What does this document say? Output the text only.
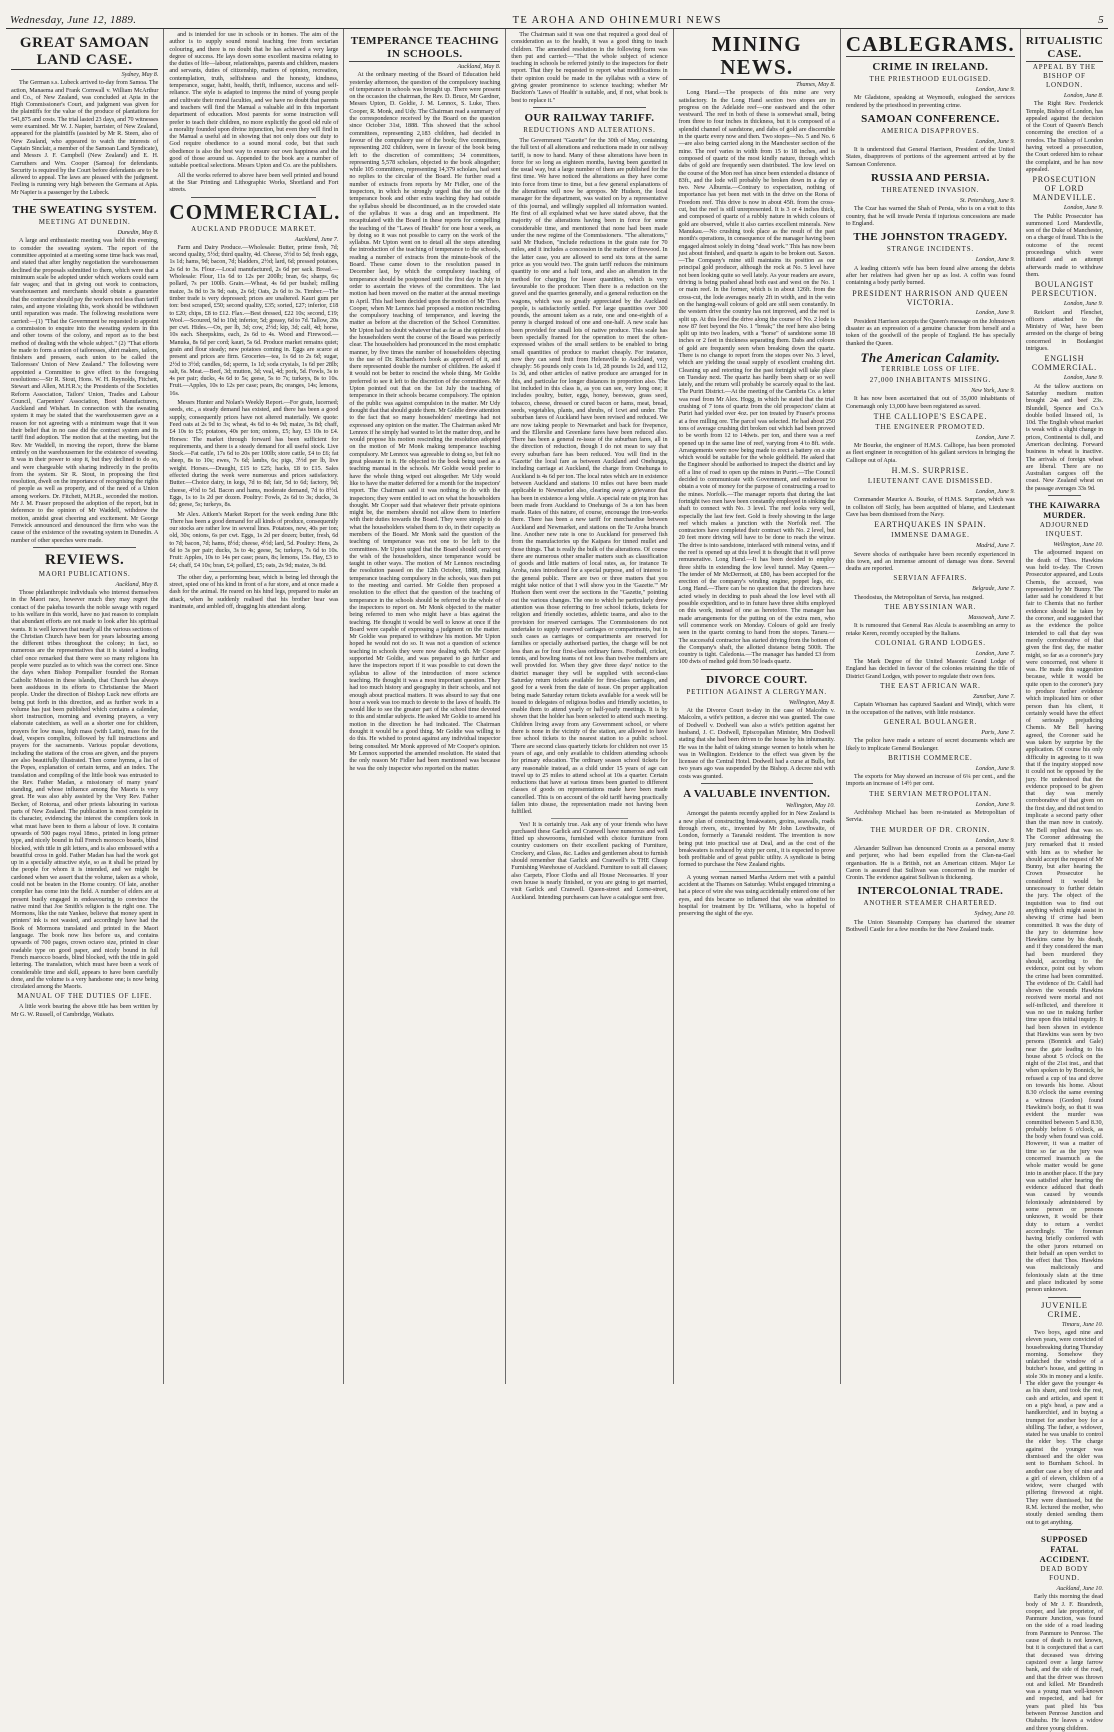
Wednesday, June 12, 1889.	TE AROHA AND OHINEMURI NEWS	5
GREAT SAMOAN LAND CASE.

Sydney, May 8.

The German s.s. Lubeck arrived to-day from Samoa. The action, Manaema and Frank Cornwall v. William McArthur and Co., of New Zealand, was concluded at Apia in the High Commissioner's Court, and judgment was given for the plaintiffs for the value of the produce of plantations for 541,875 and costs. The trial lasted 23 days, and 70 witnesses were examined. Mr W. J. Napier, barrister, of New Zealand, appeared for the plaintiffs (assisted by Mr R. Steen, also of New Zealand, who appeared to watch the interests of Captain Sinclair, a member of the Samoan Land Syndicate), and Messrs J. F. Campbell (New Zealand) and E. H. Carruthers and Wm. Cooper (Samoa) for defendants. Security is required by the Court before defendants are to be allowed to appeal. The laws are pleased with the judgment. Feeling is running very high between the Germans at Apia. Mr Napier is a passenger by the Lubeck.

THE SWEATING SYSTEM.
MEETING AT DUNEDIN.

Dunedin, May 8.

A large and enthusiastic meeting was held this evening, to consider the sweating system. The report of the committee appointed at a meeting some time back was read, and stated that after lengthy negotiation the warehousemen declined the proposals submitted to them, which were that a minimum scale be adopted under which workers could earn fair wages; and that in giving out work to contractors, warehousemen and merchants should obtain a guarantee that the contractor should pay the workers not less than tariff rates, and anyone violating this, work should be withdrawn until reparation was made. The following resolutions were carried:—(1) "That the Government be requested to appoint a commission to enquire into the sweating system in this and other towns of the colony, and report as to the best method of dealing with the whole subject." (2) "That efforts be made to form a union of tailoresses, shirt makers, tailors, finishers and pressers, each union to be called the Tailoresses' Union of New Zealand." The following were appointed a Committee to give effect to the foregoing resolutions:—Sir R. Stout, Hons. W. H. Reynolds, Fitchett, Stewart and Allen, M.H.R.'s; the Presidents of the Societies Reform Association, Tailors' Union, Trades and Labour Council, Carpenters' Association, Boot Manufacturers, Auckland and Wishart. In connection with the sweating system it may be stated that the warehousemen gave as a reason for not agreeing with a minimum wage that it was their belief that in no case did the contract system and its tariff find adoption. The motion that at the meeting, but the Rev. Mr Waddell, in moving the report, threw the blame entirely on the warehousemen for the existence of sweating. It was in their power to stop it, but they declined to do so, and were chargeable with sharing indirectly in the profits from the system. Sir R. Stout, in proposing the first resolution, dwelt on the importance of recognising the rights of people as well as property, and of the need of a Union among workers. Dr. Fitchett, M.H.R., seconded the motion. Mr J. M. Fraser proposed the adoption of the report, but in deference to the opinion of Mr Waddell, withdrew the motion, amidst great cheering and excitement. Mr George Fenwick announced and denounced the firm who was the cause of the existence of the sweating system in Dunedin. A number of other speeches were made.

REVIEWS.
MAORI PUBLICATIONS.

Auckland, May 8.

Those philanthropic individuals who interest themselves in the Maori race, however much they may regret the contact of the pakeha towards the noble savage with regard to his welfare in this world, have no just reason to complain that abundant efforts are not made to look after his spiritual wants. It is well known that nearly all the various sections of the Christian Church have been for years labouring among the different tribes throughout the colony; in fact, so numerous are the representatives that it is stated a leading chief once remarked that there were so many religions his people were puzzled as to which was the correct one. Since the days when Bishop Pompallier founded the Roman Catholic Mission in these islands, that Church has always been assiduous in its efforts to Christianise the Maori people. Under the direction of Bishop Luck new efforts are being put forth in this direction, and as further work in a volume has just been published which contains a calendar, short instruction, morning and evening prayers, a very elaborate catechism, as well as a shorter one for children, prayers for low mass, high mass (with Latin), mass for the dead, vespers complins, followed by full instructions and prayers for the sacraments. Various popular devotions, including the stations of the cross are given, and the prayers are also beautifully illustrated. Then come hymns, a list of the Popes, explanation of certain terms, and an index. The translation and compiling of the little book was entrusted to the Rev. Father Madan, a missionary of many years' standing, and whose influence among the Maoris is very great. He was also ably assisted by the Very Rev. Father Becker, of Rotorua, and other priests labouring in various parts of New Zealand. The publication is most complete in its character, evidencing the interest the compilers took in what must have been to them a labour of love. It contains upwards of 500 pages royal 18mo., printed in long primer type, and nicely bound in full French morocco boards, blind blocked, with title in gilt letters, and is also embossed with a beautiful cross in gold. Father Madan has had the work got up in a specially attractive style, so as it shall be prized by the people for whom it is intended, and we might be cardoned when we assert that the volume, taken as a whole, could not be beaten in the Home country. Of late, another compiler has come into the field. A number of elders are at present busily engaged in endeavouring to convince the native mind that Joe Smith's religion is the right one. The Mormons, like the rate Yankee, believe that money spent in printers' ink is not wasted, and accordingly have had the Book of Mormons translated and printed in the Maori language. The book now lies before us, and contains upwards of 700 pages, crown octavo size, printed in clear readable type on good paper, and nicely bound in full French marocco boards, blind blocked, with the title in gold lettering. The translation, which must have been a work of considerable time and skill, appears to have been carefully done, and the volume is a very handsome one; is now being circulated among the Maoris.

MANUAL OF THE DUTIES OF LIFE.

A little work bearing the above title has been written by Mr G. W. Russell, of Cambridge, Waikato.

and is intended for use in schools or in homes. The aim of the author is to supply sound moral teaching free from sectarian colouring, and there is no doubt that he has achieved a very large degree of success. He lays down some excellent maxims relating to the duties of life—labour, relationships, parents and children, masters and servants, duties of citizenship, matters of opinion, recreation, contemplation, truth, selfishness and the honesty, kindness, temperance, sugar, habit, health, thrift, influence, success and self-reliance. The style is adapted to impress the mind of young people and cultivate their moral faculties, and we have no doubt that parents and teachers will find the Manual a valuable aid in this important department of education. Most parents for some instruction will prefer to teach their children, no more explicitly the good old rule of a morality founded upon divine injunction, but even they will find in the Manual a useful aid in showing that not only does our duty to God require obedience to a sound moral code, but that such obedience is also the best way to ensure our own happiness and the good of those around us. Appended to the book are a number of suitable poetical selections. Messrs Upton and Co. are the publishers.

All the works referred to above have been well printed and bound at the Star Printing and Lithographic Works, Shortland and Fort streets.

COMMERCIAL.
AUCKLAND PRODUCE MARKET.

Auckland, June 7.

Farm and Dairy Produce.—Wholesale: Butter, prime fresh, 7d; second quality, 5½d; third quality, 4d. Cheese, 3½d to 5d; fresh eggs, 1s 1d; hams, 9d; bacon, 7d; bladders, 2½d; lard, 6d; pressed potatoes, 2s 6d to 3s. Flour.—Local manufactured, 2s 6d per sack. Bread.—Wholesale: Flour, 11s 6d to 12s per 200lb; bran, 6s; sharps, 6s; pollard, 7s per 100lb. Grain.—Wheat, 4s 6d per bushel; milling maize, 3s 8d to 3s 9d; oats, 2s 6d; Oats, 2s 6d to 3s. Timber.—The timber trade is very depressed; prices are unaltered. Kauri gum per ton: best scraped, £50; second quality, £35; sorted, £27; inferior, £18 to £20; chips, £8 to £12. Flax.—Best dressed, £22 10s; second, £19; Wool.—Scoured, 9d to 10d; inferior, 5d; greasy, 6d to 7d. Tallow, 20s per cwt. Hides.—Ox, per lb, 3d; cow, 2½d; kip, 3d; calf, 4d; horse, 10s each. Sheepskins, each, 2s 6d to 4s. Wood and Firewood.—Manuka, 8s 6d per cord; kauri, 5s 6d. Produce market remains quiet; grain and flour steady; new potatoes coming in. Eggs are scarce at present and prices are firm. Groceries—tea, 1s 6d to 2s 6d; sugar, 2½d to 3½d; candles, 6d; sperm, 1s 1d; soda crystals, 1s 6d per 28lb; salt, 6s. Meat.—Beef, 3d; mutton, 3d; veal, 4d; pork, 5d. Fowls, 3s to 4s per pair; ducks, 4s 6d to 5s; geese, 5s to 7s; turkeys, 8s to 10s. Fruit.—Apples, 10s to 12s per case; pears, 8s; oranges, 14s; lemons, 16s.

Messrs Hunter and Nolan's Weekly Report.—For grain, lucerned; seeds, etc., a steady demand has existed, and there has been a good supply, consequently prices have not altered materially. We quote: Feed oats at 2s 9d to 3s; wheat, 4s 6d to 4s 9d; maize, 3s 8d; chaff, £4 10s to £5; potatoes, 40s per ton; onions, £5; hay, £3 10s to £4. Horses: The market through forward has been sufficient for requirements, and there is a steady demand for all useful stock. Live Stock.—Fat cattle, 17s 6d to 20s per 100lb; store cattle, £4 to £6; fat sheep, 8s to 10s; ewes, 7s 6d; lambs, 6s; pigs, 3½d per lb, live weight. Horses.—Draught, £15 to £25; hacks, £8 to £15. Sales effected during the week were numerous and prices satisfactory. Butter.—Choice dairy, in kegs, 7d to 8d; fair, 5d to 6d; factory, 9d; cheese, 4½d to 5d. Bacon and hams, moderate demand, 7d to 8½d. Eggs, 1s to 1s 2d per dozen. Poultry: Fowls, 2s 6d to 3s; ducks, 3s 6d; geese, 5s; turkeys, 8s.

Mr Alex. Aitken's Market Report for the week ending June 8th: There has been a good demand for all kinds of produce, consequently our stocks are rather low in several lines. Potatoes, new, 40s per ton; old, 30s; onions, 6s per cwt. Eggs, 1s 2d per dozen; butter, fresh, 6d to 7d; bacon, 7d; hams, 8½d; cheese, 4½d; lard, 5d. Poultry: Hens, 2s 6d to 3s per pair; ducks, 3s to 4s; geese, 5s; turkeys, 7s 6d to 10s. Fruit: Apples, 10s to 14s per case; pears, 8s; lemons, 15s. Hay, £3 to £4; chaff, £4 10s; bran, £4; pollard, £5; oats, 2s 9d; maize, 3s 8d.

The other day, a performing bear, which is being led through the street, spied one of his kind in front of a fur store, and at once made a dash for the animal. He reared on his hind legs, prepared to make an attack, when he suddenly realised that his brother bear was inanimate, and ambled off, dragging his attendant along.

TEMPERANCE TEACHING IN SCHOOLS.

Auckland, May 8.

At the ordinary meeting of the Board of Education held yesterday afternoon, the question of the compulsory teaching of temperance in schools was brought up. There were present on the occasion the chairman, the Rev. D. Bruce, Mr Gardner, Messrs Upton, D. Goldie, J. M. Lennox, S. Luke, Theo. Cooper, R. Monk, and Udy. The Chairman read a summary of the correspondence received by the Board on the question since October 31st, 1888. This showed that the school committees, representing 2,183 children, had decided in favour of the compulsory use of the book; five committees, representing 202 children, were in favour of the book being left to the discretion of committees; 34 committees, representing 5,578 scholars, objected to the book altogether; while 105 committees, representing 14,379 scholars, had sent no replies to the circular of the Board. He further read a number of extracts from reports by Mr Fidler, one of the inspectors, in which he strongly urged that the use of the temperance book and other extra teaching they had outside the syllabus should be discontinued, as in the crowded state of the syllabus it was a drag and an impediment. He recapitulated with the Board in these reports for compelling the teaching of the "Laws of Health" for one hour a week, as by doing so it was not possible to carry on the work of the syllabus. Mr Upton went on to detail all the steps attending the introduction of the teaching of temperance to the schools, reading a number of extracts from the minute-book of the Board. These came down to the resolution passed in December last, by which the compulsory teaching of temperance should be postponed until the first day in July in order to ascertain the views of the committees. The last motion had been moved on the matter at the annual meetings in April. This had been decided upon the motion of Mr Theo. Cooper, when Mr Lennox had proposed a motion rescinding the compulsory teaching of temperance, and leaving the matter as before at the discretion of the School Committee. Mr Upton had no doubt whatever that as far as the opinions of the householders went the course of the Board was perfectly clear. The householders had pronounced in the most emphatic manner, by five times the number of householders objecting to the use of Dr. Richardson's book as approved of it, and there represented double the number of children. He asked if it would not be better to rescind the whole thing. Mr Goldie preferred to see it left to the discretion of the committees. Mr Upton pointed out that on the 1st July the teaching of temperance in their schools became compulsory. The opinion of the public was against compulsion in the matter. Mr Udy thought that that should guide them. Mr Goldie drew attention to the fact that so many householders' meetings had not expressed any opinion on the matter. The Chairman asked Mr Lennox if he simply had wanted to let the matter drop, and he would propose his motion rescinding the resolution adopted on the motion of Mr Monk making temperance teaching compulsory. Mr Lennox was agreeable to doing so, but felt no great pleasure in it. He objected to the book being used as a teaching manual in the schools. Mr Goldie would prefer to have the whole thing wiped out altogether. Mr Udy would like to have the matter deferred for a month for the inspectors' report. The Chairman said it was nothing to do with the inspectors; they were entitled to act on what the householders thought. Mr Cooper said that whatever their private opinions might be, the members should not allow them to interfere with their duties towards the Board. They were simply to do what the householders wished them to do, in their capacity as members of the Board. Mr Monk said the question of the teaching of temperance was not one to be left to the committees. Mr Upton urged that the Board should carry out the wish of the householders, since temperance would be taught in other ways. The motion of Mr Lennox rescinding the resolution passed on the 12th October, 1888, making temperance teaching compulsory in the schools, was then put to the meeting and carried. Mr Goldie then proposed a resolution to the effect that the question of the teaching of temperance in the schools should be referred to the whole of the inspectors to report on. Mr Monk objected to the matter being referred to men who might have a bias against the teaching. He thought it would be well to know at once if the Board were capable of expressing a judgment on the matter. Mr Goldie was prepared to withdraw his motion. Mr Upton hoped he would not do so. It was not a question of science teaching in schools they were now dealing with. Mr Cooper supported Mr Goldie, and was prepared to go further and have the inspectors report if it was possible to cut down the syllabus to allow of the introduction of more science teaching. He thought it was a most important question. They had too much history and geography in their schools, and not enough about practical matters. It was absurd to say that one hour a week was too much to devote to the laws of health. He would like to see the greater part of the school time devoted to this and similar subjects. He asked Mr Goldie to amend his motion in the direction he had indicated. The Chairman thought it would be a good thing. Mr Goldie was willing to do this. He wished to protest against any individual inspector being consulted. Mr Monk approved of Mr Cooper's opinion. Mr Lennox supported the amended resolution. He stated that the only reason Mr Fidler had been mentioned was because he was the only inspector who reported on the matter.

The Chairman said it was one that required a good deal of consideration as to the health, it was a good thing to teach children. The amended resolution in the following form was then put and carried:—"That the whole subject of science teaching in schools be referred jointly to the inspectors for their report. That they be requested to report what modifications in their opinion could be made in the syllabus with a view of giving greater prominence to science teaching; whether Mr Buckton's 'Laws of Health' is suitable, and, if not, what book is best to replace it."

OUR RAILWAY TARIFF.
REDUCTIONS AND ALTERATIONS.

The Government "Gazette" for the 30th of May, containing the full text of all alterations and reductions made in our railway tariff, is now to hand. Many of these alterations have been in force for so long as eighteen months, having been gazetted in the usual way, but a large number of them are published for the first time. We have noticed the alterations as they have come into force from time to time, but a few general explanations of the alterations will now be apropos. Mr Hudson, the local manager for the department, was waited on by a representative of this journal, and willingly supplied all information wanted. He first of all explained what we have stated above, that the majority of the alterations having been in force for some considerable time, and mentioned that none had been made under the new regime of the Commissioners. "The alterations," said Mr Hudson, "include reductions in the grain rate for 70 miles, and it includes a concession in the matter of firewood. In the latter case, you are allowed to send six tons at the same price as you would two. The grain tariff reduces the minimum quantity to one and a half tons, and also an alteration in the method for charging for lesser quantities, which is very favourable to the producer. Then there is a reduction on the gravel and the quarries generally, and a general reduction on the wagons, which was so greatly appreciated by the Auckland people, is satisfactorily settled. For large quantities over 300 pounds, the amount taken as a rate, one and one-eighth of a penny is charged instead of one and one-half. A new scale has been provided for small lots of native produce. This scale has been specially framed for the operation to meet the often-expressed wishes of the small settlers to be enabled to bring small quantities of produce to market cheaply. For instance, now they can send fruit from Helensville to Auckland, very cheaply: 56 pounds only costs 1s 1d, 28 pounds 1s 2d, and 112, 1s 3d, and other articles of native produce are arranged for in this, and particular for longer distances in proportion also. The list included in this class is, as you can see, very long one; it includes poultry, butter, eggs, honey, beeswax, grass seed, tobacco, cheese, dressed or cured bacon or hams, meat, bread, seeds, vegetables, plants, and shrubs, of 1cwt and under. The suburban fares of Auckland have been revised and reduced. We are now taking people to Newmarket and back for fivepence, and the Ellerslie and Greenlane fares have been reduced also. There has been a general re-issue of the suburban fares, all in the direction of reduction, though I do not mean to say that every suburban fare has been reduced. You will find in the 'Gazette' the local fare as between Auckland and Onehunga, including carriage at Auckland, the charge from Onehunga to Auckland is 4s 6d per ton. The local rates which are in existence between Auckland and stations 10 miles out have been made applicable to Newmarket also, clearing away a grievance that has been in existence a long while. A special rate on pig iron has been made from Auckland to Onehunga of 3s a ton has been made. Rates of this nature, of course, encourage the iron-works there. There has been a new tariff for merchandise between Auckland and Newmarket, and stations on the Te Aroha branch line. Another new rate is one to Auckland for preserved fish from the manufactories up the Kaipara for tinned mullet and those things. That is really the bulk of the alterations. Of course there are numerous other smaller matters such as classification of goods and little matters of local rates, as, for instance Te Aroha, rates introduced for a special purpose, and of interest to the general public. There are two or three matters that you might take notice of that I will show you in the 'Gazette.'" Mr Hudson then went over the sections in the "Gazette," pointing out the various changes. The one to which he particularly drew attention was those referring to free school tickets, tickets for religion and friendly societies, athletic teams, and also to the provision for reserved carriages. The Commissioners do not undertake to supply reserved carriages or compartments, but in such cases as carriages or compartments are reserved for families or specially authorised parties, the charge will be not less than as for four first-class ordinary fares. Football, cricket, tennis, and bowling teams of not less than twelve members are well provided for. When they give three days' notice to the district manager they will be supplied with second-class Saturday return tickets available for first-class carriages, and good for a week from the date of issue. On proper application being made Saturday return tickets available for a week will be issued to delegates of religious bodies and friendly societies, to enable them to attend yearly or half-yearly meetings. It is by shown that the holder has been selected to attend such meeting. Children living away from any Government school, or where there is none in the vicinity of the station, are allowed to have free school tickets to the nearest station to a public school. There are second class quarterly tickets for children not over 15 years of age, and only available to children attending schools for primary education. The ordinary season school tickets for any reasonable instead, as a child under 15 years of age can travel up to 25 miles to attend school at 10s a quarter. Certain reductions that have at various times been granted to different classes of goods on representations made have been made cancelled. This is on account of the old tariff having practically fallen into disuse, the representation made not having been fulfilled.

Yes! It is certainly true. Ask any of your friends who have purchased these Garlick and Cranwell have numerous and well fitted up showrooms, furnished with choice furniture from country customers on their excellent packing of Furniture, Crockery, and Glass, &c. Ladies and gentlemen about to furnish should remember that Garlick and Cranwell's is THE Cheap Furnishing Warehouse of Auckland. Furniture to suit all classes; also Carpets, Floor Cloths and all House Necessaries. If your own house is nearly finished, or you are going to get married, visit Garlick and Cranwell. Queen-street and Lorne-street, Auckland. Intending purchasers can have a catalogue sent free.

MINING NEWS.

Thames, May 8.

Long Hand.—The prospects of this mine are very satisfactory. In the Long Hand section two stopes are in progress on the Adelaide reef—one eastward and the other westward. The reef in both of these is somewhat small, being from three to four inches in thickness, but it is composed of a splendid channel of sandstone, and dabs of gold are discernible in the quartz every now and then. Two stopes—No. 5 and No. 6—are also being carried along in the Manchester section of the mine. The reef varies in width from 15 to 18 inches, and is composed of quartz of the most kindly nature, through which dabs of gold are frequently seen distributed. The low level on the course of the Mon reef has since been extended a distance of 83ft., and the lode will probably be broken down in a day or two. New Alburnia.—Contrary to expectation, nothing of importance has yet been met with in the drive on the Rona of Freedom reef. This drive is now in about 45ft. from the cross-cut, but the reef is still unrepresented. It is 3 or 4 inches thick, and composed of quartz of a rubbly nature in which colours of gold are observed, while it also carries excellent minerals. New Manukau.—No crushing took place as the result of the past month's operations, in consequence of the manager having been engaged almost solely in doing "dead work." This has now been just about finished, and quartz is again to be broken out. Saxon.—The Company's mine still maintains its position as our principal gold producer, although the rock at No. 5 level have not been looking quite so well lately. As your readers are aware, driving is being pushed ahead both east and west on the No. 1 or main reef. In the former, which is in about 126ft. from the cross-cut, the lode averages nearly 2ft in width, and in the vein on the hanging-wall colours of gold are still seen constantly. In the western drive the country has not improved, and the reef is split up. At this level the drive along the course of No. 2 lode is now 87 feet beyond the No. 1 "break;" the reef here also being split up into two leaders, with a "horse" of sandstone some 18 inches or 2 feet in thickness separating them. Dabs and colours of gold are frequently seen when breaking down the quartz. There is no change to report from the stopes over No. 3 level, which are yielding the usual supply of excellent crushing dirt. Cleaning up and retorting for the past fortnight will take place on Tuesday next. The quartz has hardly been sharp or so well lately, and the return will probably be scarcely equal to the last. The Puriri District.—At the meeting of the Cambria Co. a letter was read from Mr Alex. Hogg, in which he stated that the trial crushing of 7 tons of quartz from the old prospectors' claim at Puriri had yielded over 4oz. per ton treated by Fraser's process at a free milling ore. The parcel was selected. He had about 250 tons of average crushing dirt broken out which had been proved to be worth from 12 to 14dwts. per ton, and there was a reef opened up in the same line of reef, varying from 4 to 8ft. wide. Arrangements were now being made to erect a battery on a site which would be suitable for the whole goldfield. He asked that the Engineer should be authorised to inspect the district and lay off a line of road to open up the mines in Puriri.—The Council decided to communicate with Government, and endeavour to obtain a vote of money for the purpose of constructing a road to the mines. Norfolk.—The manager reports that during the last fortnight two men have been constantly employed in sinking the shaft to connect with No. 3 level. The reef looks very well, especially the last few feet. Gold is freely showing in the large reef which makes a junction with the Norfolk reef. The contractors have completed their contract with No. 2 level, but 20 feet more driving will have to be done to reach the winze. The drive is into sandstone, interlaced with mineral veins, and if the reef is opened up at this level it is thought that it will prove remunerative. Long Hand.—It has been decided to employ three shifts in extending the low level tunnel. May Queen.—The tender of Mr McDermott, at £80, has been accepted for the erection of the company's winding engine, poppet legs, etc. Long Hand.—There can be no question that the directors have acted wisely in deciding to push ahead the low level with all possible expedition, and to in future have three shifts employed on this work, instead of one as heretofore. The manager has made arrangements for the putting on of the extra men, who will commence work on Monday. Colours of gold are freely seen in the quartz coming to hand from the stopes. Tararu.—The successful contractor has started driving from the bottom of the Company's shaft, the allotted distance being 500ft. The country is tight. Caledonia.—The manager has handed £3 from 100 dwts of melted gold from 50 loads quartz.

DIVORCE COURT.
PETITION AGAINST A CLERGYMAN.

Wellington, May 8.

At the Divorce Court to-day in the case of Malcolm v. Malcolm, a wife's petition, a decree nisi was granted. The case of Dodwell v. Dodwell was also a wife's petition against her husband, J. C. Dodwell, Episcopalian Minister, Mrs Dodwell stating that she had been driven to the house by his inhumanity. He was in the habit of taking strange women to hotels when he was in Wellington. Evidence to the effect was given by the licensee of the Central Hotel. Dodwell had a curse at Bulls, but two years ago was suspended by the Bishop. A decree nisi with costs was granted.

A VALUABLE INVENTION.

Wellington, May 10.

Amongst the patents recently applied for in New Zealand is a new plan of constructing breakwaters, groins, seawalls, roads through rivers, etc., invented by Mr John Lowthwaite, of London, formerly a Taranaki resident. The invention is now being put into practical use at Deal, and as the cost of the breakwaters is reduced by sixty per cent., it is expected to prove both profitable and of great public utility. A syndicate is being formed to purchase the New Zealand rights.

A young woman named Martha Ardern met with a painful accident at the Thames on Saturday. Whilst engaged trimming a hat a piece of wire she was using accidentally entered one of her eyes, and this became so inflamed that she was admitted to hospital for treatment by Dr. Williams, who is hopeful of preserving the sight of the eye.

CABLEGRAMS.
CRIME IN IRELAND.
THE PRIESTHOOD EULOGISED.

London, June 9.

Mr Gladstone, speaking at Weymouth, eulogised the services rendered by the priesthood in preventing crime.

SAMOAN CONFERENCE.
AMERICA DISAPPROVES.

London, June 9.

It is understood that General Harrison, President of the United States, disapproves of portions of the agreement arrived at by the Samoan Conference.

RUSSIA AND PERSIA.
THREATENED INVASION.

St. Petersburg, June 9.

The Czar has warned the Shah of Persia, who is on a visit to this country, that he will invade Persia if injurious concessions are made to England.

THE JOHNSTON TRAGEDY.
STRANGE INCIDENTS.

London, June 9.

A leading citizen's wife has been found alive among the debris after her relatives had given her up as lost. A coffin was found containing a body partly burned.

PRESIDENT HARRISON AND QUEEN VICTORIA.

London, June 9.

President Harrison accepts the Queen's message on the Johnstown disaster as an expression of a genuine character from herself and a token of the goodwill of the people of England. He has specially thanked the Queen.

The American Calamity.
TERRIBLE LOSS OF LIFE.
27,000 INHABITANTS MISSING.

New York, June 9.

It has now been ascertained that out of 35,000 inhabitants of Conemaugh only 13,000 have been registered as saved.

THE CALLIOPE'S ESCAPE.
THE ENGINEER PROMOTED.

London, June 7.

Mr Bourke, the engineer of H.M.S. Calliope, has been promoted as fleet engineer in recognition of his gallant services in bringing the Calliope out of Apia.

H.M.S. SURPRISE.
LIEUTENANT CAVE DISMISSED.

London, June 9.

Commander Maurice A. Bourke, of H.M.S. Surprise, which was in collision off Sicily, has been acquitted of blame, and Lieutenant Cave has been dismissed from the Navy.

EARTHQUAKES IN SPAIN.
IMMENSE DAMAGE.

Madrid, June 7.

Severe shocks of earthquake have been recently experienced in this town, and an immense amount of damage was done. Several deaths are reported.

SERVIAN AFFAIRS.

Belgrade, June 7.

Theodosius, the Metropolitan of Servia, has resigned.

THE ABYSSINIAN WAR.

Massowah, June 7.

It is rumoured that General Ras Alcula is assembling an army to retake Keren, recently occupied by the Italians.

COLONIAL GRAND LODGES.

London, June 7.

The Mark Degree of the United Masonic Grand Lodge of England has decided in favour of the colonies retaining the title of District Grand Lodges, with power to regulate their own fees.

THE EAST AFRICAN WAR.

Zanzibar, June 7.

Captain Wissman has captured Saadani and Windji, which were in the occupation of the natives, with little resistance.

GENERAL BOULANGER.

Paris, June 7.

The police have made a seizure of secret documents which are likely to implicate General Boulanger.

BRITISH COMMERCE.

London, June 9.

The exports for May showed an increase of 6¼ per cent., and the imports an increase of 14½ per cent.

THE SERVIAN METROPOLITAN.

London, June 9.

Archbishop Michael has been re-instated as Metropolitan of Servia.

THE MURDER OF DR. CRONIN.

London, June 9.

Alexander Sullivan has denounced Cronin as a personal enemy and perjurer, who had been expelled from the Clan-na-Gael organisation. He is a British, not an American citizen. Major Le Caron is assured that Sullivan was concerned in the murder of Cronin. The evidence against Sullivan is thickening.

INTERCOLONIAL TRADE.
ANOTHER STEAMER CHARTERED.

Sydney, June 10.

The Union Steamship Company has chartered the steamer Bothwell Castle for a few months for the New Zealand trade.

RITUALISTIC CASE.
APPEAL BY THE BISHOP OF LONDON.

London, June 8.

The Right Rev. Frederick Temple, Bishop of London, has appealed against the decision of the Court of Queen's Bench concerning the erection of a reredos. The Bishop of London having vetoed a prosecution, the Court ordered him to rehear the complaint, and he has now appealed.

PROSECUTION OF LORD MANDEVILLE.

London, June 9.

The Public Prosecutor has summoned Lord Mandeville, son of the Duke of Manchester, on a charge of fraud. This is the outcome of the recent proceedings which were initiated and an attempt afterwards made to withdraw them.

BOULANGIST PERSECUTION.

London, June 9.

Reickert and Flenchet, officers attached to the Ministry of War, have been arrested on the charge of being concerned in Boulangist intrigues.

ENGLISH COMMERCIAL.

London, June 9.

At the tallow auctions on Saturday medium mutton brought 24s and beef 23s. Blundell, Spence and Co.'s double boiled linseed oil, 1s 10d. The English wheat market is weak with a slight change in prices, Continental is dull, and American declining. Forward business in wheat is inactive. The arrivals of foreign wheat are liberal. There are no Australian cargoes off the coast. New Zealand wheat on the passage averages 33s 9d.

THE KAIWARRA MURDER.
ADJOURNED INQUEST.

Wellington, June 10.

The adjourned inquest on the death of Thos. Hawkins was held to-day. The Crown Prosecutor appeared, and Louis Chemis, the accused, was represented by Mr Bunny. The latter said he considered it but fair to Chemis that no further evidence should be taken by the coroner, and suggested that as the evidence the police intended to call that day was merely corroborative of that given the first day, the matter might, so far as a coroner's jury were concerned, rest where it was. He made this suggestion because, while it would be quite open to the coroner's jury to produce further evidence which implicated him or other person than his client, it certainly would have the effect of seriously prejudicing Chemis. Mr Bell having agreed, the Coroner said he was taken by surprise by the application. Of course his only difficulty in agreeing to it was that if the inquiry stopped now it could not be opposed by the jury. He understood that the evidence proposed to be given that day was merely corroborative of that given on the first day, and did not tend to implicate a second party other than the man now in custody. Mr Bell replied that was so. The Coroner addressing the jury remarked that it rested with him as to whether he should accept the request of Mr Bunny, but after hearing the Crown Prosecutor he considered it would be unnecessary to further detain the jury. The object of the inquisition was to find out anything which might assist in shewing if crime had been committed. It was the duty of the jury to determine how Hawkins came by his death, and if they considered the man had been murdered they should, according to the evidence, point out by whom the crime had been committed. The evidence of Dr. Cahill had shown the wounds Hawkins received were mortal and not self-inflicted, and therefore it was no use in making further time upon this initial inquiry. It had been shown in evidence that Hawkins was seen by two persons (Bonnick and Gale) near the gate leading to his house about 5 o'clock on the night of the 21st inst., and that when spoken to by Bonnick, he refused a cup of tea and drove on towards his home. About 8.30 o'clock the same evening a witness (Gordon) found Hawkins's body, so that it was evident the murder was committed between 5 and 8.30, probably before 6 o'clock, as the body when found was cold. However, it was a matter of time so far as the jury was concerned inasmuch as the whole matter would be gone into in another place. If the jury was satisfied after hearing the evidence adduced that death was caused by wounds feloniously administered by some person or persons unknown, it would be their duty to return a verdict accordingly. The foreman having briefly conferred with the other jurors returned on their behalf an open verdict to the effect that Thos. Hawkins was maliciously and feloniously slain at the time and place indicated by some person unknown.

JUVENILE CRIME.

Timaru, June 10.

Two boys, aged nine and eleven years, were convicted of housebreaking during Thursday morning. Somehow they unlatched the window of a butcher's house, and getting in stole 30s in money and a knife. The elder gave the younger 4s as his share, and took the rest, cash and articles, and spent it on a pig's head, a paw and a handkerchief, and in buying a trumpet for another boy for a shilling. The father, a widower, stated he was unable to control the elder boy. The charge against the younger was dismissed and the older was sent to Burnham School. In another case a boy of nine and a girl of eleven, children of a widow, were charged with pilfering firewood at night. They were dismissed, but the R.M. lectured the mother, who stoutly denied sending them out to get anything.

SUPPOSED FATAL ACCIDENT.
DEAD BODY FOUND.

Auckland, June 10.

Early this morning the dead body of Mr J. F. Brandreth, cooper, and late proprietor, of Panmure Junction, was found on the side of a road leading from Panmure to Penrose. The cause of death is not known, but it is conjectured that a cart that deceased was driving capsized over a large farrow bank, and the side of the road, and that the driver was thrown out and killed. Mr Brandreth was a young man well-known and respected, and had for years past plied his 'bus between Penrose Junction and Otahuhu. He leaves a widow and three young children.
